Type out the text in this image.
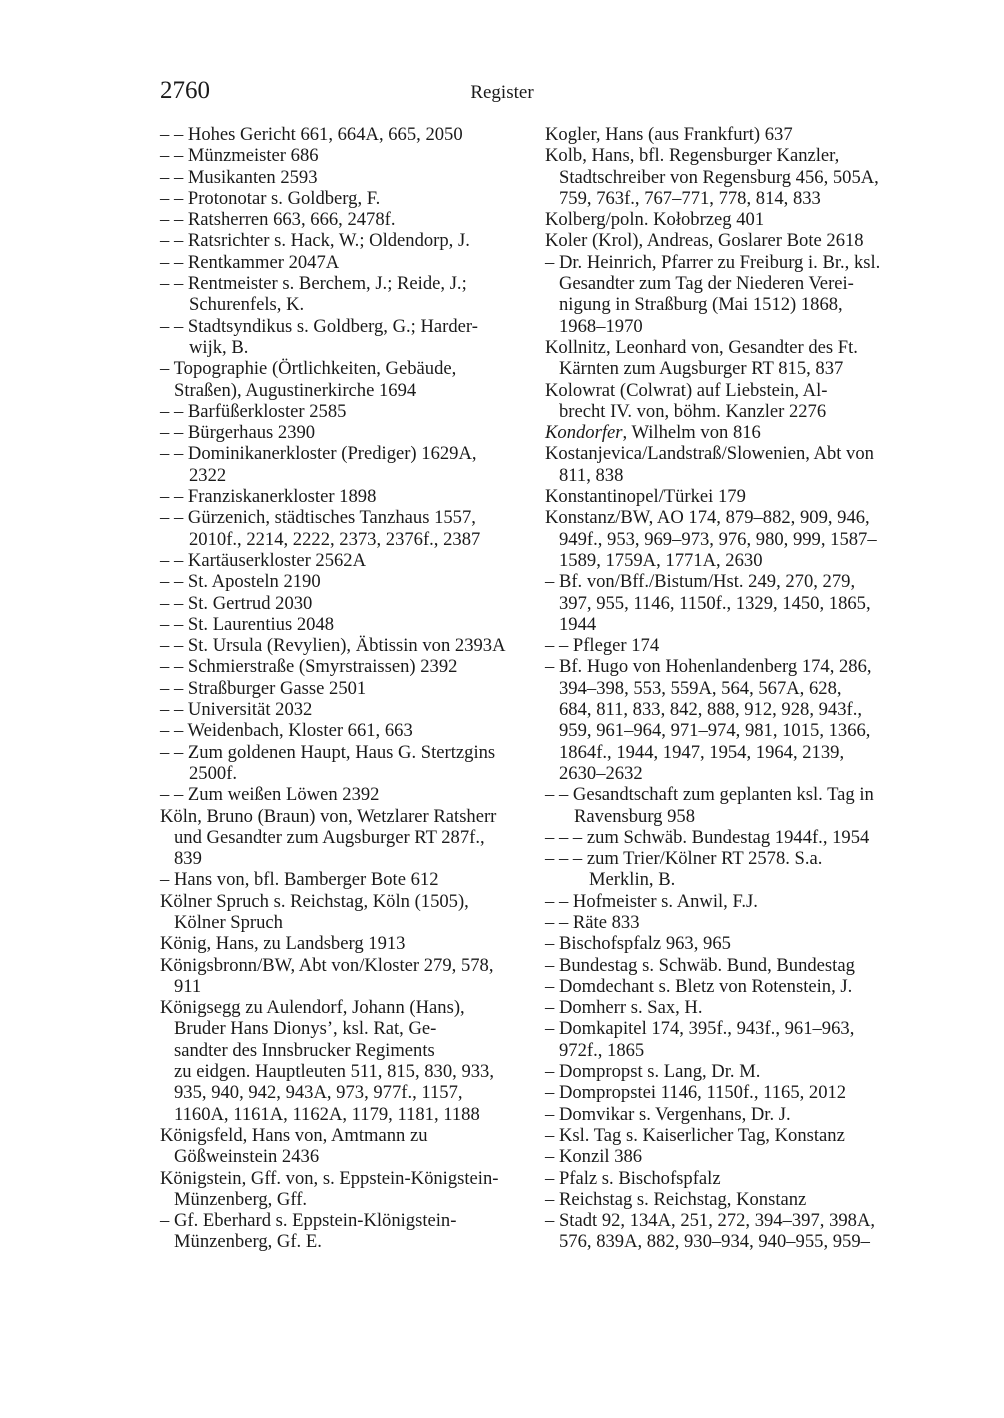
2760	Register
– – Hohes Gericht 661, 664A, 665, 2050
– – Münzmeister 686
– – Musikanten 2593
– – Protonotar s. Goldberg, F.
– – Ratsherren 663, 666, 2478f.
– – Ratsrichter s. Hack, W.; Oldendorp, J.
– – Rentkammer 2047A
– – Rentmeister s. Berchem, J.; Reide, J.;
Schurenfels, K.
– – Stadtsyndikus s. Goldberg, G.; Harder-
wijk, B.
– Topographie (Örtlichkeiten, Gebäude,
Straßen), Augustinerkirche 1694
– – Barfüßerkloster 2585
– – Bürgerhaus 2390
– – Dominikanerkloster (Prediger) 1629A,
2322
– – Franziskanerkloster 1898
– – Gürzenich, städtisches Tanzhaus 1557,
2010f., 2214, 2222, 2373, 2376f., 2387
– – Kartäuserkloster 2562A
– – St. Aposteln 2190
– – St. Gertrud 2030
– – St. Laurentius 2048
– – St. Ursula (Revylien), Äbtissin von 2393A
– – Schmierstraße (Smyrstraissen) 2392
– – Straßburger Gasse 2501
– – Universität 2032
– – Weidenbach, Kloster 661, 663
– – Zum goldenen Haupt, Haus G. Stertzgins
2500f.
– – Zum weißen Löwen 2392
Köln, Bruno (Braun) von, Wetzlarer Ratsherr
und Gesandter zum Augsburger RT 287f.,
839
– Hans von, bfl. Bamberger Bote 612
Kölner Spruch s. Reichstag, Köln (1505),
Kölner Spruch
König, Hans, zu Landsberg 1913
Königsbronn/BW, Abt von/Kloster 279, 578,
911
Königsegg zu Aulendorf, Johann (Hans),
Bruder Hans Dionys’, ksl. Rat, Ge-
sandter des Innsbrucker Regiments
zu eidgen. Hauptleuten 511, 815, 830, 933,
935, 940, 942, 943A, 973, 977f., 1157,
1160A, 1161A, 1162A, 1179, 1181, 1188
Königsfeld, Hans von, Amtmann zu
Gößweinstein 2436
Königstein, Gff. von, s. Eppstein-Königstein-
Münzenberg, Gff.
– Gf. Eberhard s. Eppstein-Klönigstein-
Münzenberg, Gf. E.
Kogler, Hans (aus Frankfurt) 637
Kolb, Hans, bfl. Regensburger Kanzler,
Stadtschreiber von Regensburg 456, 505A,
759, 763f., 767–771, 778, 814, 833
Kolberg/poln. Kołobrzeg 401
Koler (Krol), Andreas, Goslarer Bote 2618
– Dr. Heinrich, Pfarrer zu Freiburg i. Br., ksl.
Gesandter zum Tag der Niederen Verei-
nigung in Straßburg (Mai 1512) 1868,
1968–1970
Kollnitz, Leonhard von, Gesandter des Ft.
Kärnten zum Augsburger RT 815, 837
Kolowrat (Colwrat) auf Liebstein, Al-
brecht IV. von, böhm. Kanzler 2276
Kondorfer, Wilhelm von 816
Kostanjevica/Landstraß/Slowenien, Abt von
811, 838
Konstantinopel/Türkei 179
Konstanz/BW, AO 174, 879–882, 909, 946,
949f., 953, 969–973, 976, 980, 999, 1587–
1589, 1759A, 1771A, 2630
– Bf. von/Bff./Bistum/Hst. 249, 270, 279,
397, 955, 1146, 1150f., 1329, 1450, 1865,
1944
– – Pfleger 174
– Bf. Hugo von Hohenlandenberg 174, 286,
394–398, 553, 559A, 564, 567A, 628,
684, 811, 833, 842, 888, 912, 928, 943f.,
959, 961–964, 971–974, 981, 1015, 1366,
1864f., 1944, 1947, 1954, 1964, 2139,
2630–2632
– – Gesandtschaft zum geplanten ksl. Tag in
Ravensburg 958
– – – zum Schwäb. Bundestag 1944f., 1954
– – – zum Trier/Kölner RT 2578. S.a.
Merklin, B.
– – Hofmeister s. Anwil, F.J.
– – Räte 833
– Bischofspfalz 963, 965
– Bundestag s. Schwäb. Bund, Bundestag
– Domdechant s. Bletz von Rotenstein, J.
– Domherr s. Sax, H.
– Domkapitel 174, 395f., 943f., 961–963,
972f., 1865
– Dompropst s. Lang, Dr. M.
– Dompropstei 1146, 1150f., 1165, 2012
– Domvikar s. Vergenhans, Dr. J.
– Ksl. Tag s. Kaiserlicher Tag, Konstanz
– Konzil 386
– Pfalz s. Bischofspfalz
– Reichstag s. Reichstag, Konstanz
– Stadt 92, 134A, 251, 272, 394–397, 398A,
576, 839A, 882, 930–934, 940–955, 959–
